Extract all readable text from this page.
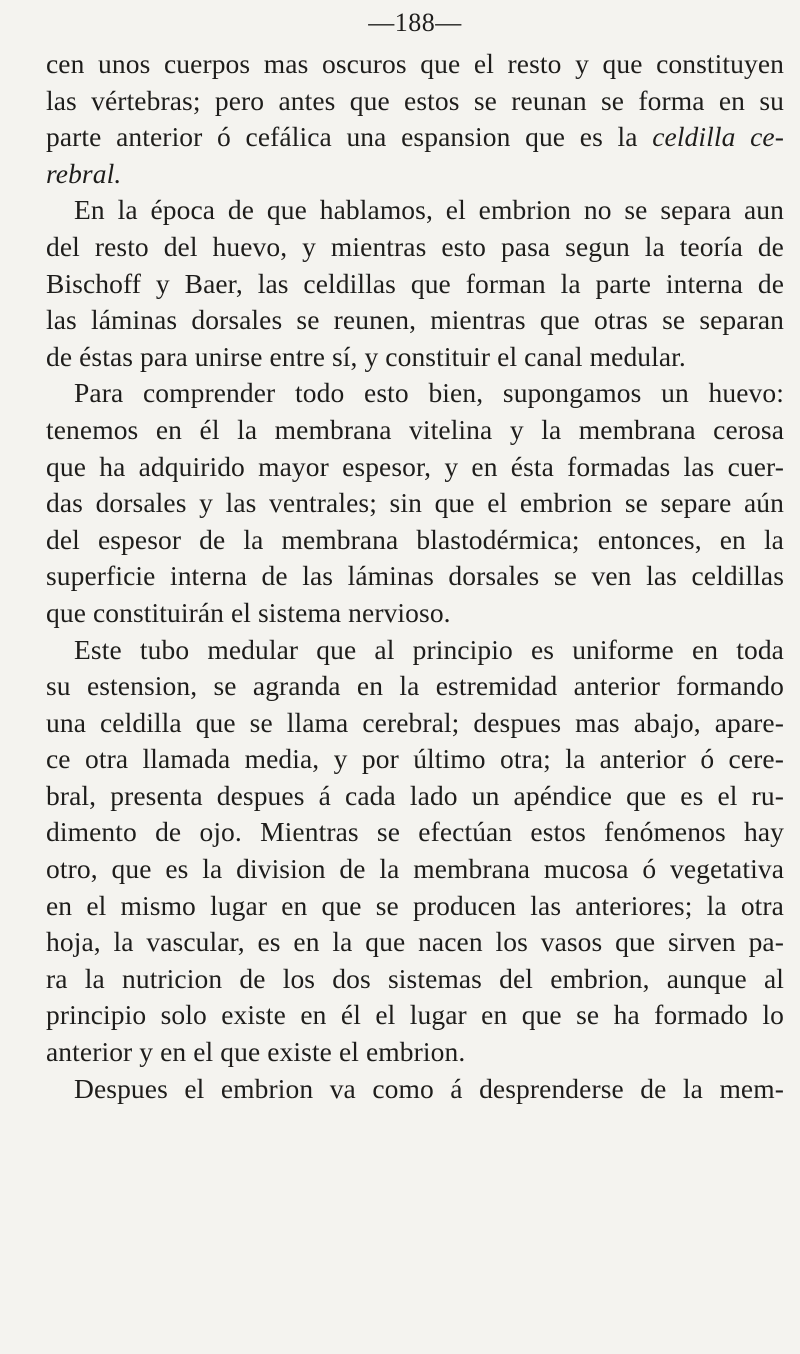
—188—

cen unos cuerpos mas oscuros que el resto y que constituyen
las vértebras; pero antes que estos se reunan se forma en su
parte anterior ó cefálica una espansion que es la celdilla ce-
rebral.
En la época de que hablamos, el embrion no se separa aun
del resto del huevo, y mientras esto pasa segun la teoría de
Bischoff y Baer, las celdillas que forman la parte interna de
las láminas dorsales se reunen, mientras que otras se separan
de éstas para unirse entre sí, y constituir el canal medular.
Para comprender todo esto bien, supongamos un huevo:
tenemos en él la membrana vitelina y la membrana cerosa
que ha adquirido mayor espesor, y en ésta formadas las cuer-
das dorsales y las ventrales; sin que el embrion se separe aún
del espesor de la membrana blastodérmica; entonces, en la
superficie interna de las láminas dorsales se ven las celdillas
que constituirán el sistema nervioso.
Este tubo medular que al principio es uniforme en toda
su estension, se agranda en la estremidad anterior formando
una celdilla que se llama cerebral; despues mas abajo, apare-
ce otra llamada media, y por último otra; la anterior ó cere-
bral, presenta despues á cada lado un apéndice que es el ru-
dimento de ojo. Mientras se efectúan estos fenómenos hay
otro, que es la division de la membrana mucosa ó vegetativa
en el mismo lugar en que se producen las anteriores; la otra
hoja, la vascular, es en la que nacen los vasos que sirven pa-
ra la nutricion de los dos sistemas del embrion, aunque al
principio solo existe en él el lugar en que se ha formado lo
anterior y en el que existe el embrion.
Despues el embrion va como á desprenderse de la mem-
